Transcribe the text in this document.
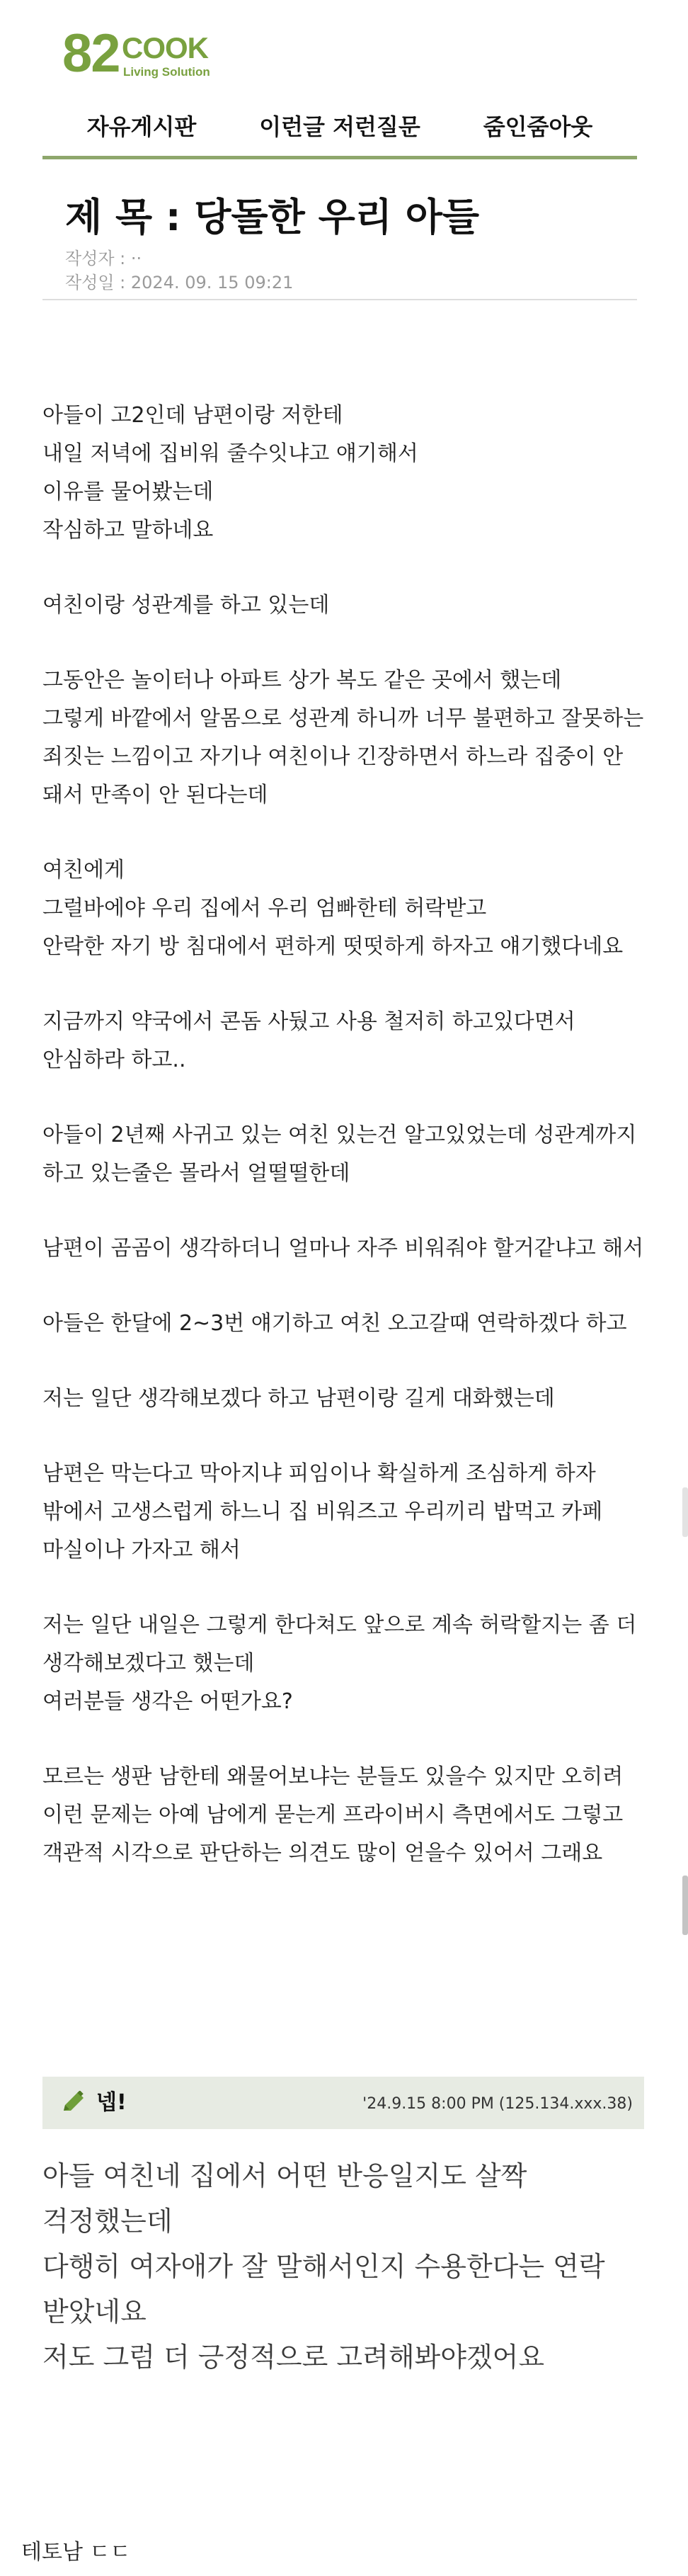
82 COOK
Living Solution
자유게시판	이런글 저런질문	줌인줌아웃
제 목 : 당돌한 우리 아들
작성자 : ··
작성일 : 2024. 09. 15 09:21

아들이 고2인데 남편이랑 저한테
내일 저녁에 집비워 줄수잇냐고 얘기해서
이유를 물어봤는데
작심하고 말하네요

여친이랑 성관계를 하고 있는데

그동안은 놀이터나 아파트 상가 복도 같은 곳에서 했는데
그렇게 바깥에서 알몸으로 성관계 하니까 너무 불편하고 잘못하는 죄짓는 느낌이고 자기나 여친이나 긴장하면서 하느라 집중이 안 돼서 만족이 안 된다는데

여친에게
그럴바에야 우리 집에서 우리 엄빠한테 허락받고
안락한 자기 방 침대에서 편하게 떳떳하게 하자고 얘기했다네요

지금까지 약국에서 콘돔 사뒀고 사용 철저히 하고있다면서 안심하라 하고..

아들이 2년째 사귀고 있는 여친 있는건 알고있었는데 성관계까지 하고 있는줄은 몰라서 얼떨떨한데

남편이 곰곰이 생각하더니 얼마나 자주 비워줘야 할거같냐고 해서

아들은 한달에 2~3번 얘기하고 여친 오고갈때 연락하겠다 하고

저는 일단 생각해보겠다 하고 남편이랑 길게 대화했는데

남편은 막는다고 막아지냐 피임이나 확실하게 조심하게 하자
밖에서 고생스럽게 하느니 집 비워즈고 우리끼리 밥먹고 카페 마실이나 가자고 해서

저는 일단 내일은 그렇게 한다쳐도 앞으로 계속 허락할지는 좀 더 생각해보겠다고 했는데
여러분들 생각은 어떤가요?

모르는 생판 남한테 왜물어보냐는 분들도 있을수 있지만 오히려 이런 문제는 아예 남에게 묻는게 프라이버시 측면에서도 그렇고 객관적 시각으로 판단하는 의견도 많이 얻을수 있어서 그래요

넵!	'24.9.15 8:00 PM (125.134.xxx.38)
아들 여친네 집에서 어떤 반응일지도 살짝 걱정했는데
다행히 여자애가 잘 말해서인지 수용한다는 연락 받았네요
저도 그럼 더 긍정적으로 고려해봐야겠어요
테토남 ㄷㄷ
